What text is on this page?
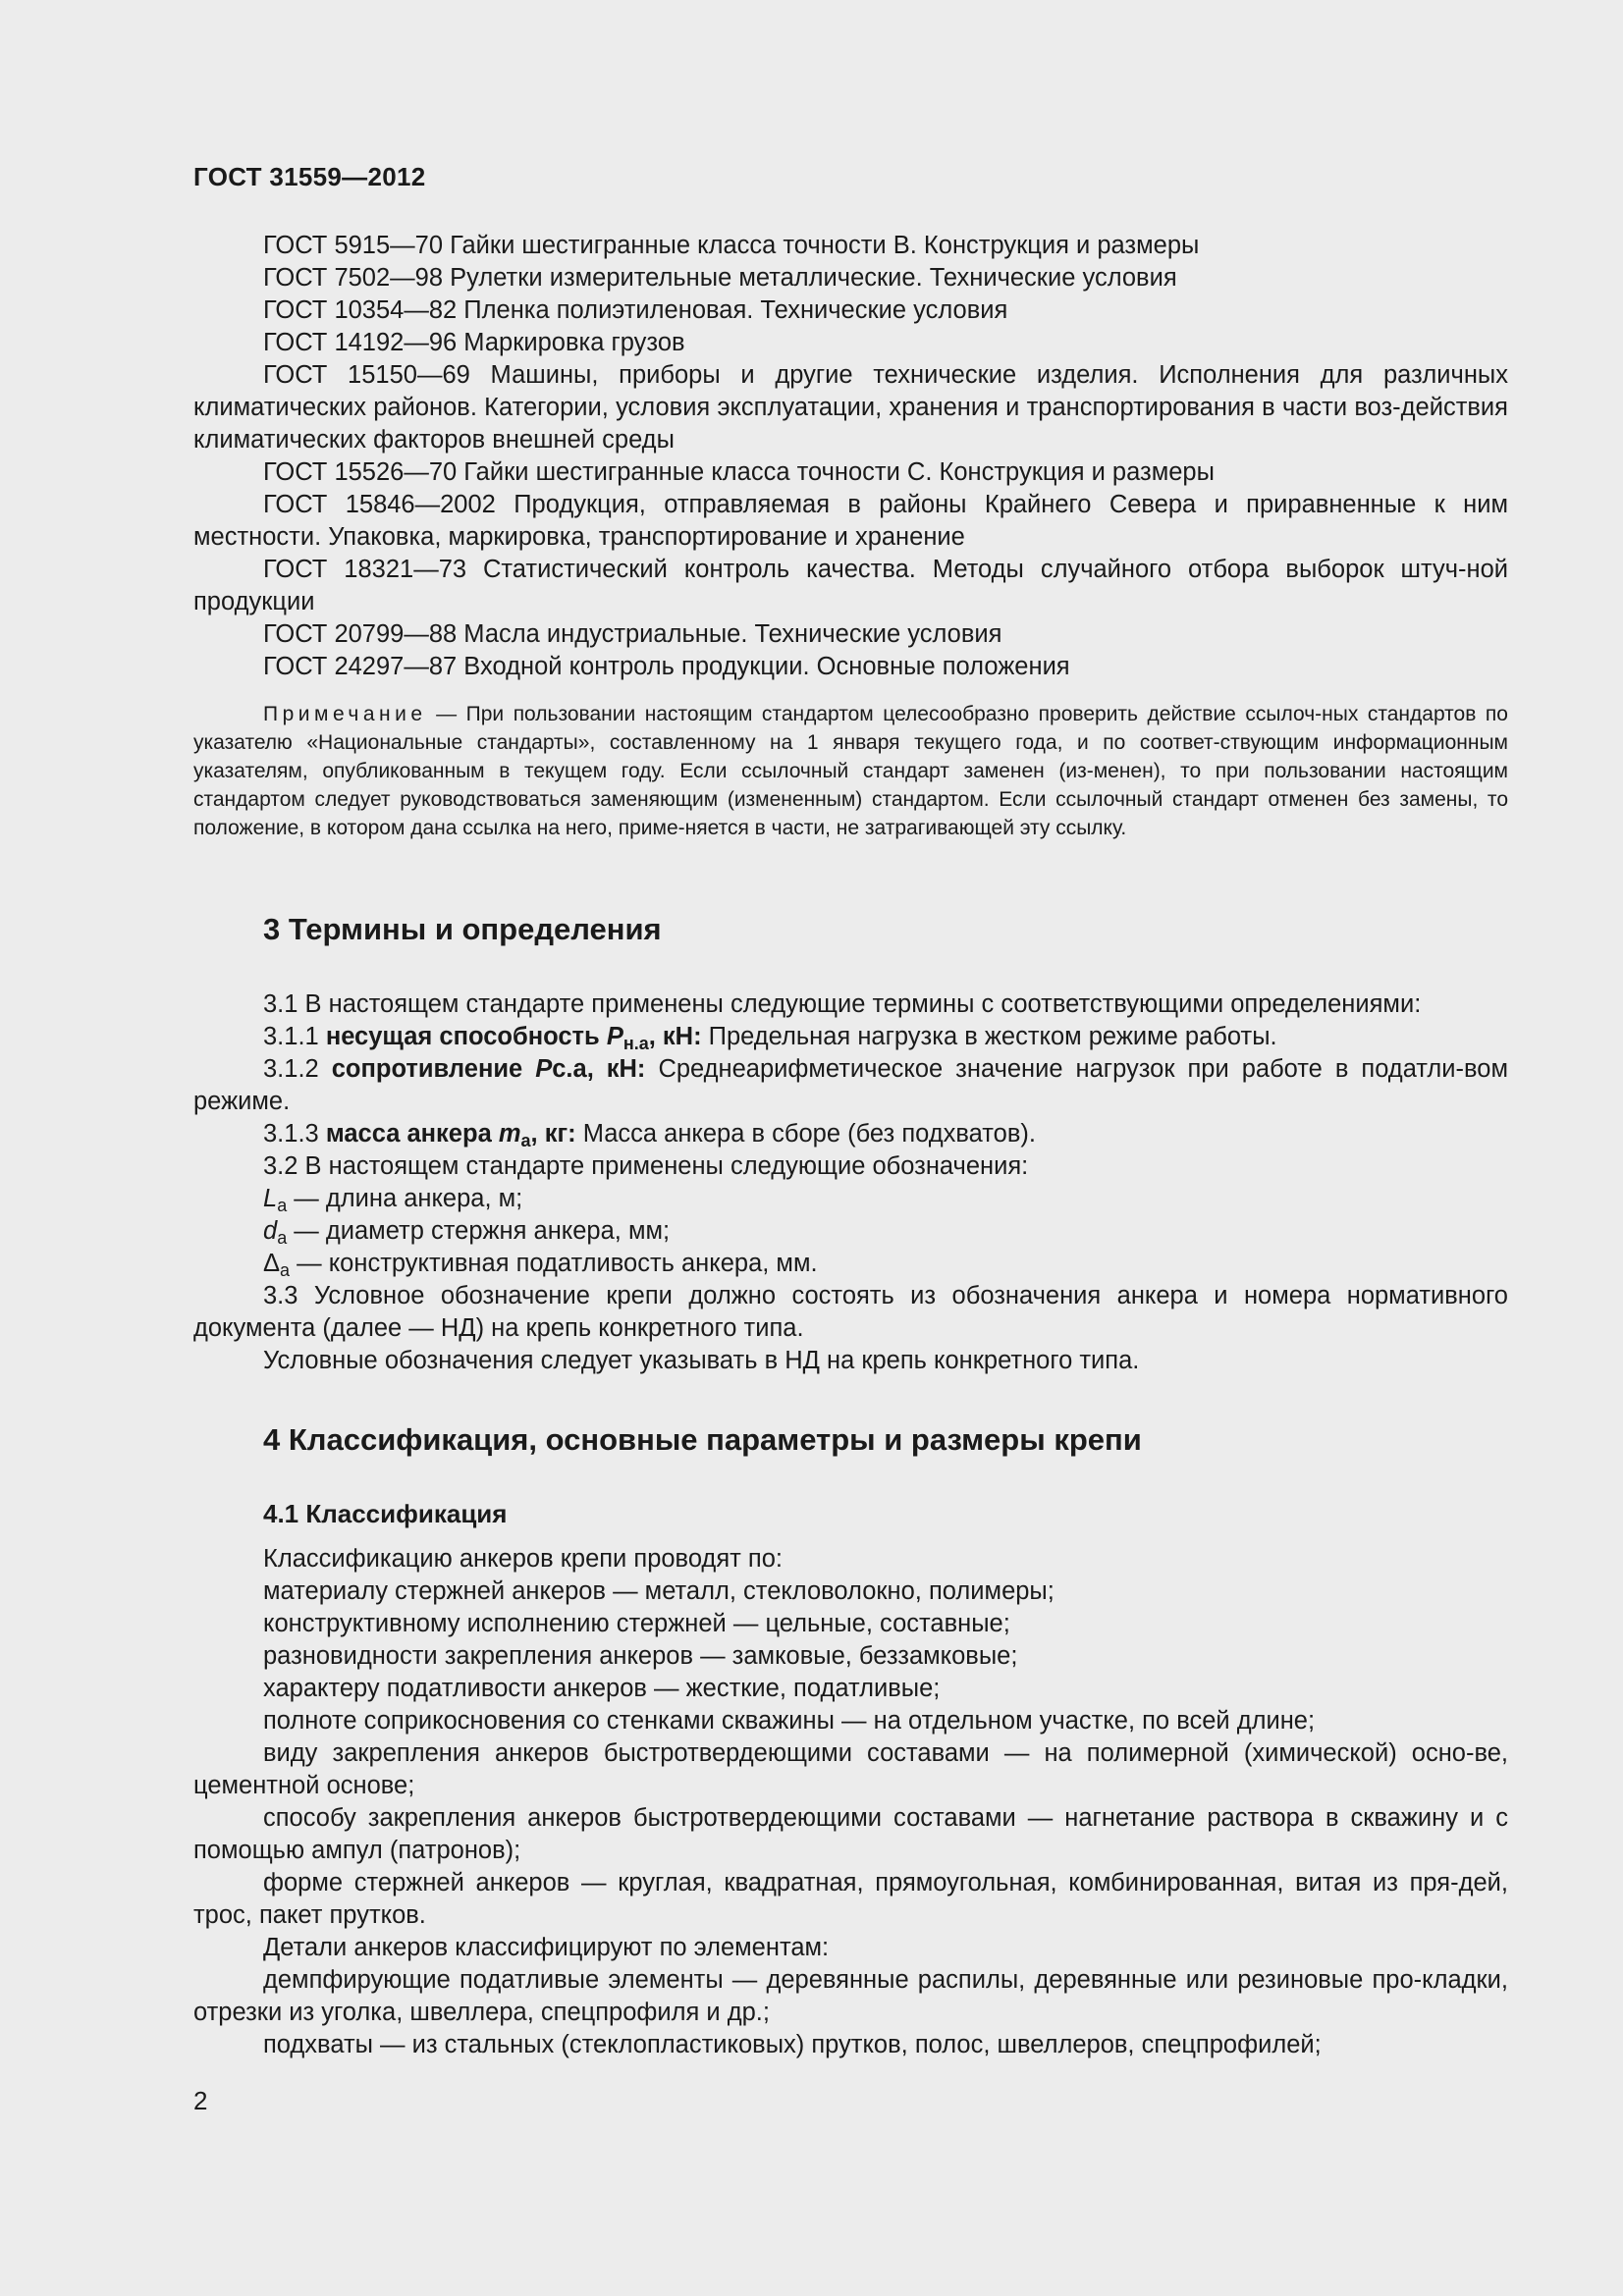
ГОСТ 31559—2012

ГОСТ 5915—70 Гайки шестигранные класса точности В. Конструкция и размеры

ГОСТ 7502—98 Рулетки измерительные металлические. Технические условия

ГОСТ 10354—82 Пленка полиэтиленовая. Технические условия

ГОСТ 14192—96 Маркировка грузов

ГОСТ 15150—69 Машины, приборы и другие технические изделия. Исполнения для различных климатических районов. Категории, условия эксплуатации, хранения и транспортирования в части воз-действия климатических факторов внешней среды

ГОСТ 15526—70 Гайки шестигранные класса точности С. Конструкция и размеры

ГОСТ 15846—2002 Продукция, отправляемая в районы Крайнего Севера и приравненные к ним местности. Упаковка, маркировка, транспортирование и хранение

ГОСТ 18321—73 Статистический контроль качества. Методы случайного отбора выборок штуч-ной продукции

ГОСТ 20799—88 Масла индустриальные. Технические условия

ГОСТ 24297—87 Входной контроль продукции. Основные положения

Примечание — При пользовании настоящим стандартом целесообразно проверить действие ссылоч-ных стандартов по указателю «Национальные стандарты», составленному на 1 января текущего года, и по соответ-ствующим информационным указателям, опубликованным в текущем году. Если ссылочный стандарт заменен (из-менен), то при пользовании настоящим стандартом следует руководствоваться заменяющим (измененным) стандартом. Если ссылочный стандарт отменен без замены, то положение, в котором дана ссылка на него, приме-няется в части, не затрагивающей эту ссылку.

3 Термины и определения

3.1 В настоящем стандарте применены следующие термины с соответствующими определениями:

3.1.1 несущая способность $P_{н.а}$, кН: Предельная нагрузка в жестком режиме работы.

3.1.2 сопротивление Pс.а, кН: Среднеарифметическое значение нагрузок при работе в податли-вом режиме.

3.1.3 масса анкера $m_а$, кг: Масса анкера в сборе (без подхватов).

3.2 В настоящем стандарте применены следующие обозначения:

$L_а$ — длина анкера, м;

$d_а$ — диаметр стержня анкера, мм;

$\Delta_а$ — конструктивная податливость анкера, мм.

3.3 Условное обозначение крепи должно состоять из обозначения анкера и номера нормативного документа (далее — НД) на крепь конкретного типа.

Условные обозначения следует указывать в НД на крепь конкретного типа.

4 Классификация, основные параметры и размеры крепи
4.1 Классификация

Классификацию анкеров крепи проводят по:

материалу стержней анкеров — металл, стекловолокно, полимеры;

конструктивному исполнению стержней — цельные, составные;

разновидности закрепления анкеров — замковые, беззамковые;

характеру податливости анкеров — жесткие, податливые;

полноте соприкосновения со стенками скважины — на отдельном участке, по всей длине;

виду закрепления анкеров быстротвердеющими составами — на полимерной (химической) осно-ве, цементной основе;

способу закрепления анкеров быстротвердеющими составами — нагнетание раствора в скважину и с помощью ампул (патронов);

форме стержней анкеров — круглая, квадратная, прямоугольная, комбинированная, витая из пря-дей, трос, пакет прутков.

Детали анкеров классифицируют по элементам:

демпфирующие податливые элементы — деревянные распилы, деревянные или резиновые про-кладки, отрезки из уголка, швеллера, спецпрофиля и др.;

подхваты — из стальных (стеклопластиковых) прутков, полос, швеллеров, спецпрофилей;

2
